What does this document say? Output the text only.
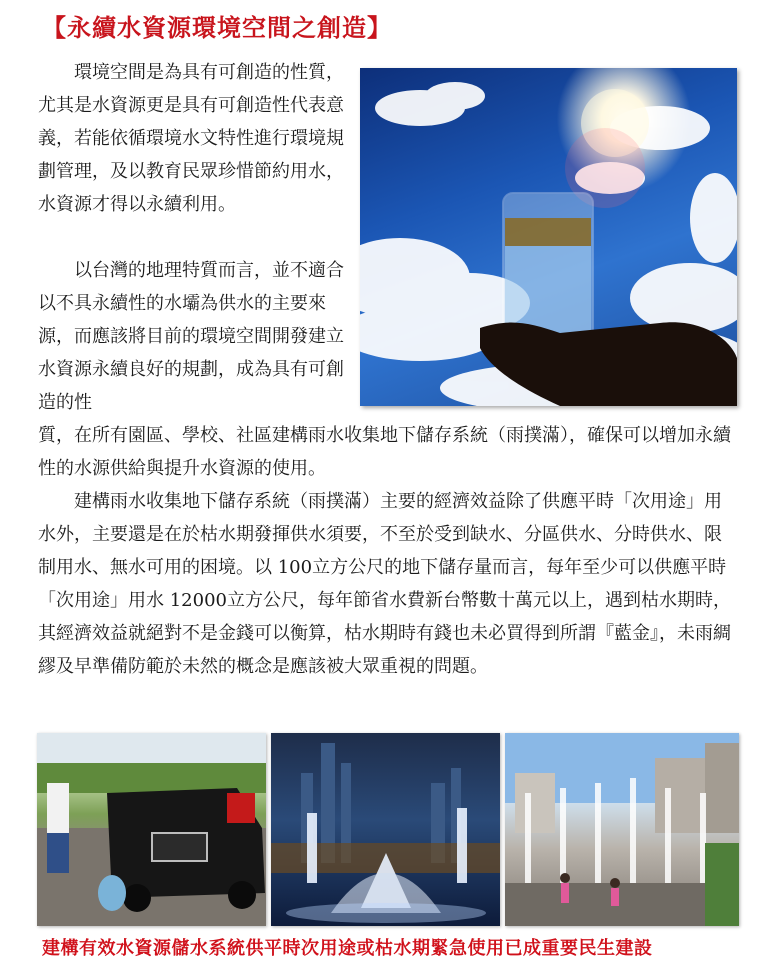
【永續水資源環境空間之創造】

環境空間是為具有可創造的性質，尤其是水資源更是具有可創造性代表意義，若能依循環境水文特性進行環境規劃管理，及以教育民眾珍惜節約用水，水資源才得以永續利用。

以台灣的地理特質而言，並不適合以不具永續性的水壩為供水的主要來源，而應該將目前的環境空間開發建立水資源永續良好的規劃，成為具有可創造的性

質，在所有園區、學校、社區建構雨水收集地下儲存系統（雨撲滿），確保可以增加永續性的水源供給與提升水資源的使用。

建構雨水收集地下儲存系統（雨撲滿）主要的經濟效益除了供應平時「次用途」用水外，主要還是在於枯水期發揮供水須要，不至於受到缺水、分區供水、分時供水、限制用水、無水可用的困境。以 100立方公尺的地下儲存量而言，每年至少可以供應平時「次用途」用水 12000立方公尺，每年節省水費新台幣數十萬元以上，遇到枯水期時，其經濟效益就絕對不是金錢可以衡算，枯水期時有錢也未必買得到所謂『藍金』，未雨綢繆及早準備防範於未然的概念是應該被大眾重視的問題。

建構有效水資源儲水系統供平時次用途或枯水期緊急使用已成重要民生建設
